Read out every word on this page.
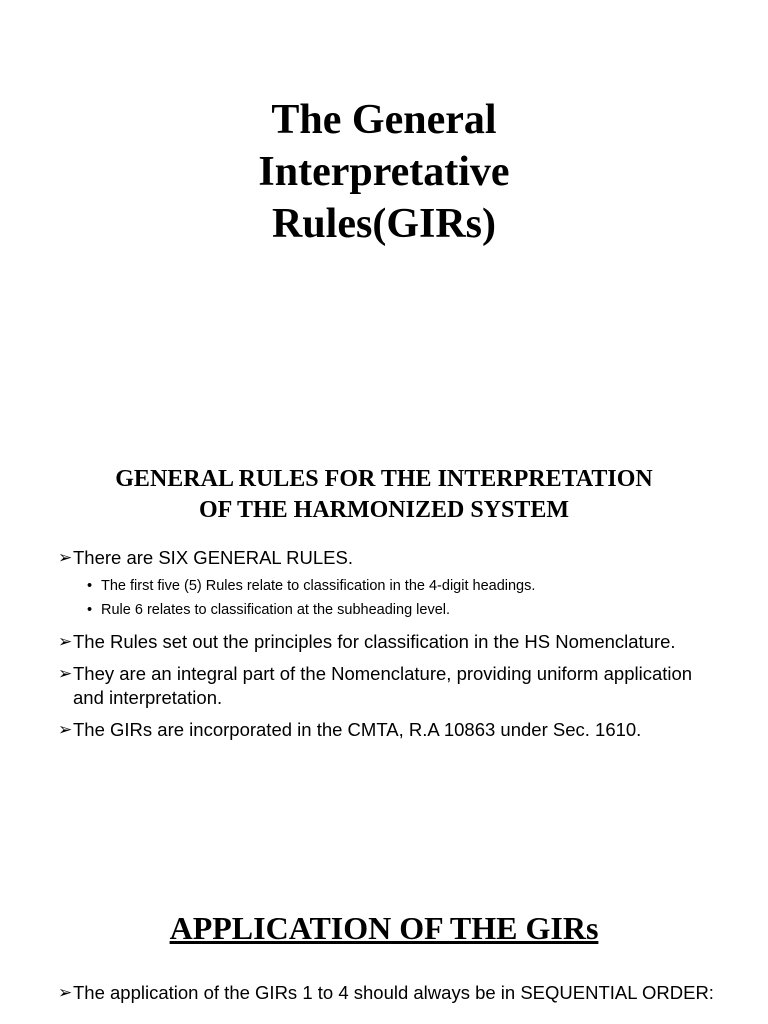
The General
Interpretative
Rules(GIRs)
GENERAL RULES FOR THE INTERPRETATION
OF THE HARMONIZED SYSTEM
➢ There are SIX GENERAL RULES.
• The first five (5) Rules relate to classification in the 4-digit headings.
• Rule 6 relates to classification at the subheading level.
➢ The Rules set out the principles for classification in the HS Nomenclature.
➢ They are an integral part of the Nomenclature, providing uniform application and interpretation.
➢ The GIRs are incorporated in the CMTA, R.A 10863 under Sec. 1610.
APPLICATION OF THE GIRs
➢ The application of the GIRs 1 to 4 should always be in SEQUENTIAL ORDER:
